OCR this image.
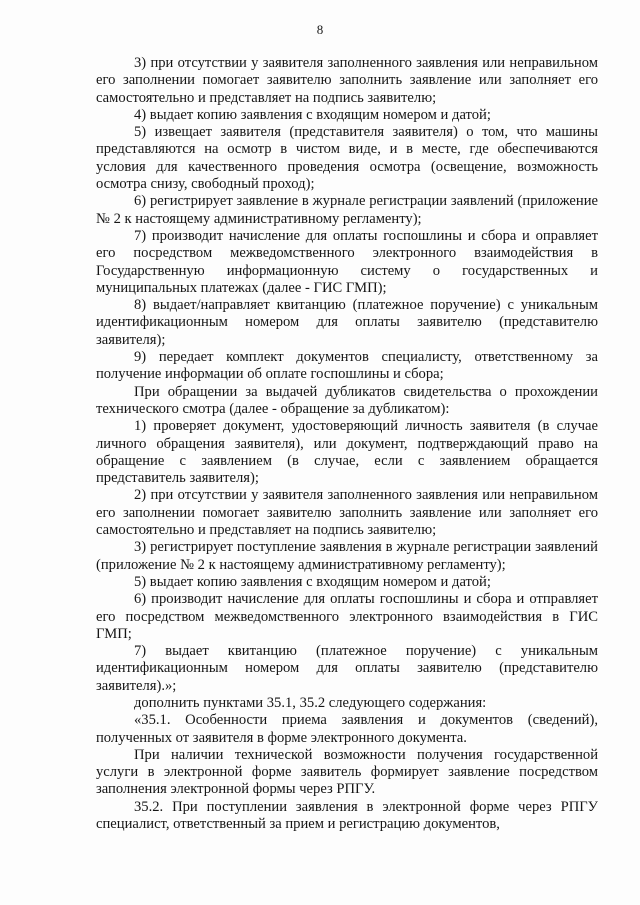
8

3) при отсутствии у заявителя заполненного заявления или неправильном его заполнении помогает заявителю заполнить заявление или заполняет его самостоятельно и представляет на подпись заявителю;

4) выдает копию заявления с входящим номером и датой;

5) извещает заявителя (представителя заявителя) о том, что машины представляются на осмотр в чистом виде, и в месте, где обеспечиваются условия для качественного проведения осмотра (освещение, возможность осмотра снизу, свободный проход);

6) регистрирует заявление в журнале регистрации заявлений (приложение № 2 к настоящему административному регламенту);

7) производит начисление для оплаты госпошлины и сбора и оправляет его посредством межведомственного электронного взаимодействия в Государственную информационную систему о государственных и муниципальных платежах (далее - ГИС ГМП);

8) выдает/направляет квитанцию (платежное поручение) с уникальным идентификационным номером для оплаты заявителю (представителю заявителя);

9) передает комплект документов специалисту, ответственному за получение информации об оплате госпошлины и сбора;

При обращении за выдачей дубликатов свидетельства о прохождении технического смотра (далее - обращение за дубликатом):

1) проверяет документ, удостоверяющий личность заявителя (в случае личного обращения заявителя), или документ, подтверждающий право на обращение с заявлением (в случае, если с заявлением обращается представитель заявителя);

2) при отсутствии у заявителя заполненного заявления или неправильном его заполнении помогает заявителю заполнить заявление или заполняет его самостоятельно и представляет на подпись заявителю;

3) регистрирует поступление заявления в журнале регистрации заявлений (приложение № 2 к настоящему административному регламенту);

5) выдает копию заявления с входящим номером и датой;

6) производит начисление для оплаты госпошлины и сбора и отправляет его посредством межведомственного электронного взаимодействия в ГИС ГМП;

7) выдает квитанцию (платежное поручение) с уникальным идентификационным номером для оплаты заявителю (представителю заявителя).»;

дополнить пунктами 35.1, 35.2 следующего содержания:

«35.1. Особенности приема заявления и документов (сведений), полученных от заявителя в форме электронного документа.

При наличии технической возможности получения государственной услуги в электронной форме заявитель формирует заявление посредством заполнения электронной формы через РПГУ.

35.2. При поступлении заявления в электронной форме через РПГУ специалист, ответственный за прием и регистрацию документов,
